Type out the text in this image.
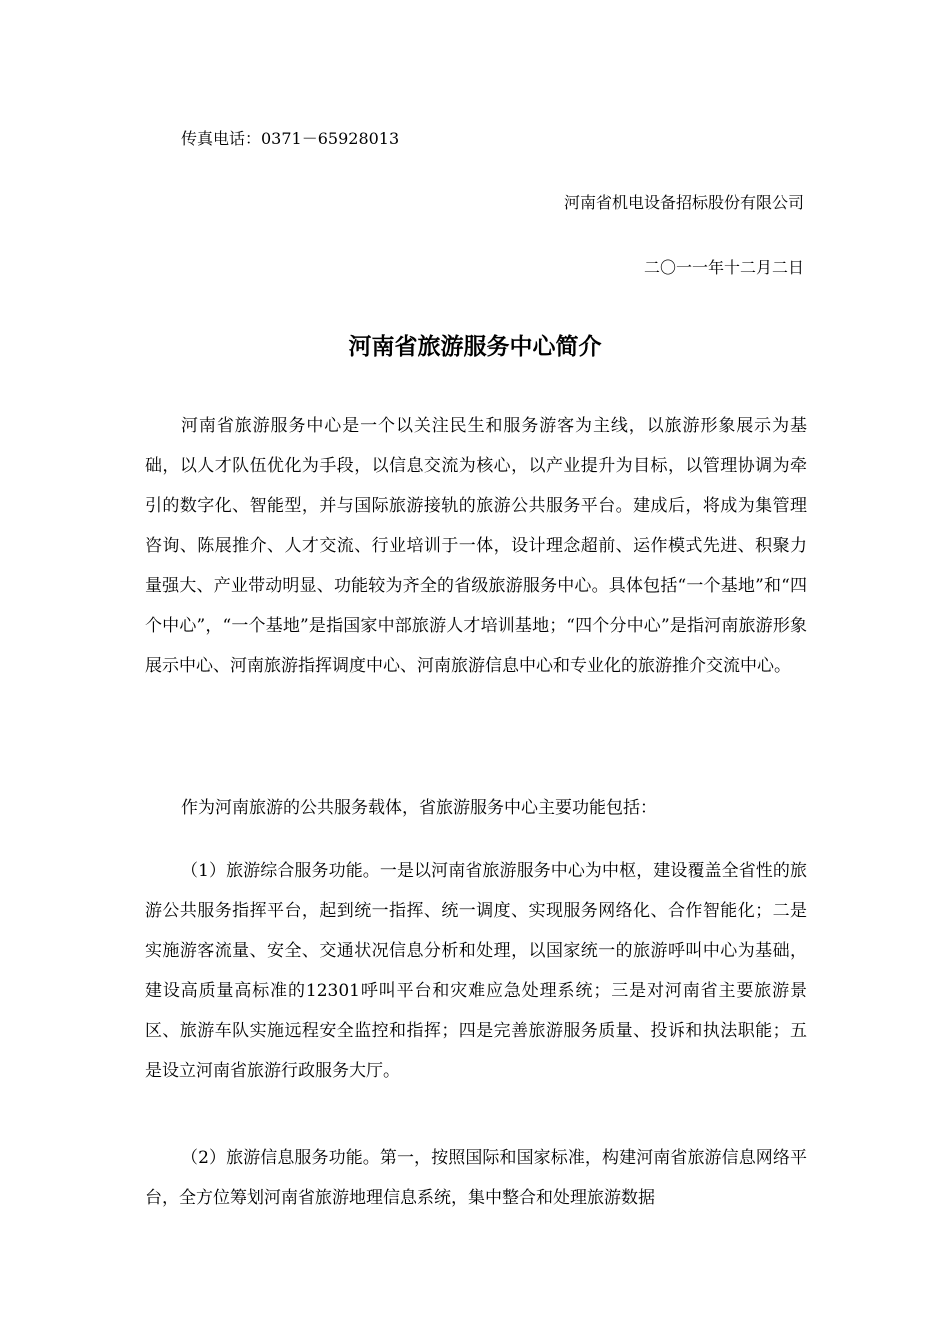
传真电话：0371－65928013
河南省机电设备招标股份有限公司
二〇一一年十二月二日
河南省旅游服务中心简介

河南省旅游服务中心是一个以关注民生和服务游客为主线，以旅游形象展示为基础，以人才队伍优化为手段，以信息交流为核心，以产业提升为目标，以管理协调为牵引的数字化、智能型，并与国际旅游接轨的旅游公共服务平台。建成后，将成为集管理咨询、陈展推介、人才交流、行业培训于一体，设计理念超前、运作模式先进、积聚力量强大、产业带动明显、功能较为齐全的省级旅游服务中心。具体包括“一个基地”和“四个中心”，“一个基地”是指国家中部旅游人才培训基地；“四个分中心”是指河南旅游形象展示中心、河南旅游指挥调度中心、河南旅游信息中心和专业化的旅游推介交流中心。

作为河南旅游的公共服务载体，省旅游服务中心主要功能包括：

（1）旅游综合服务功能。一是以河南省旅游服务中心为中枢，建设覆盖全省性的旅游公共服务指挥平台，起到统一指挥、统一调度、实现服务网络化、合作智能化；二是实施游客流量、安全、交通状况信息分析和处理，以国家统一的旅游呼叫中心为基础，建设高质量高标准的12301呼叫平台和灾难应急处理系统；三是对河南省主要旅游景区、旅游车队实施远程安全监控和指挥；四是完善旅游服务质量、投诉和执法职能；五是设立河南省旅游行政服务大厅。

（2）旅游信息服务功能。第一，按照国际和国家标准，构建河南省旅游信息网络平台，全方位筹划河南省旅游地理信息系统，集中整合和处理旅游数据
